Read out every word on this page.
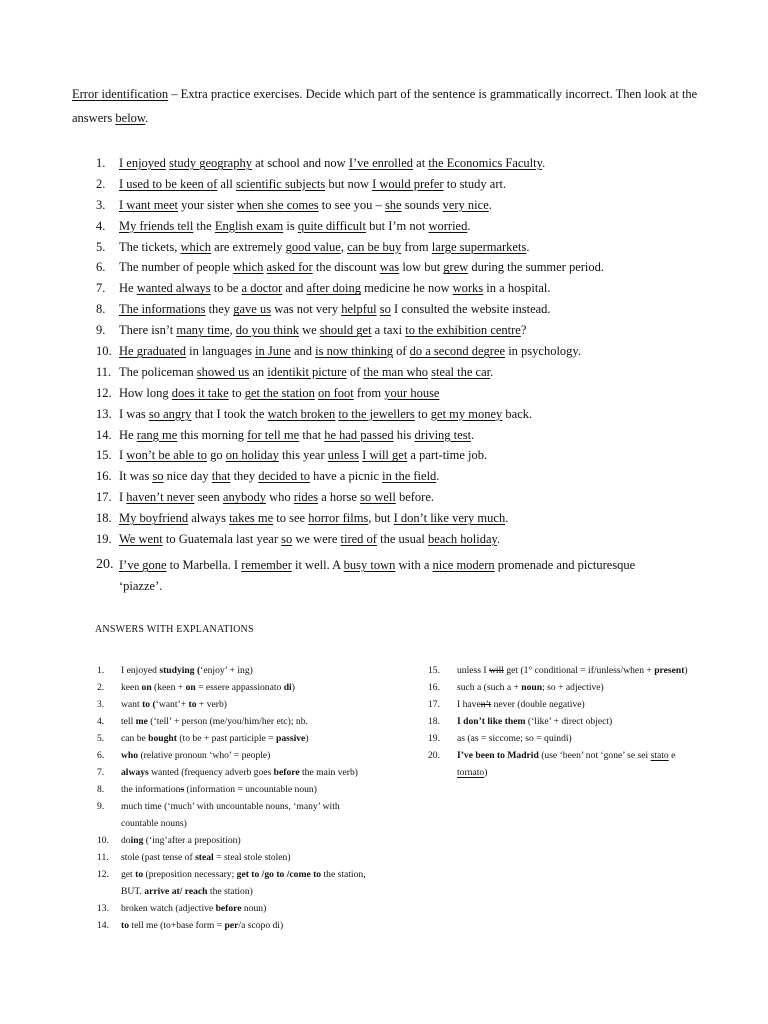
Error identification – Extra practice exercises. Decide which part of the sentence is grammatically incorrect. Then look at the answers below.
1.	I enjoyed study geography at school and now I’ve enrolled at the Economics Faculty.
2.	I used to be keen of all scientific subjects but now I would prefer to study art.
3.	I want meet your sister when she comes to see you – she sounds very nice.
4.	My friends tell the English exam is quite difficult but I’m not worried.
5.	The tickets, which are extremely good value, can be buy from large supermarkets.
6.	The number of people which asked for the discount was low but grew during the summer period.
7.	He wanted always to be a doctor and after doing medicine he now works in a hospital.
8.	The informations they gave us was not very helpful so I consulted the website instead.
9.	There isn’t many time, do you think we should get a taxi to the exhibition centre?
10. He graduated in languages in June and is now thinking of do a second degree in psychology.
11. The policeman showed us an identikit picture of the man who steal the car.
12. How long does it take to get the station on foot from your house
13. I was so angry that I took the watch broken to the jewellers to get my money back.
14. He rang me this morning for tell me that he had passed his driving test.
15. I won’t be able to go on holiday this year unless I will get a part-time job.
16. It was so nice day that they decided to have a picnic in the field.
17. I haven’t never seen anybody who rides a horse so well before.
18. My boyfriend always takes me to see horror films, but I don’t like very much.
19. We went to Guatemala last year so we were tired of the usual beach holiday.
20. I’ve gone to Marbella. I remember it well. A busy town with a nice modern promenade and picturesque ‘piazze’.
ANSWERS WITH EXPLANATIONS
1.	I enjoyed studying (‘enjoy’ + ing)
2.	keen on (keen + on = essere appassionato di)
3.	want to (‘want’+ to + verb)
4.	tell me (‘tell’ + person (me/you/him/her etc); nb.
5.	can be bought (to be + past participle = passive)
6.	who (relative pronoun ‘who’ = people)
7.	always wanted (frequency adverb goes before the main verb)
8.	the informations (information = uncountable noun)
9.	much time (‘much’ with uncountable nouns, ‘many’ with countable nouns)
10.	doing (‘ing’after a preposition)
11.	stole (past tense of steal = steal stole stolen)
12.	get to (preposition necessary; get to /go to /come to the station, BUT. arrive at/ reach the station)
13.	broken watch (adjective before noun)
14.	to tell me (to+base form = per/a scopo di)
15.	unless I will get (1° conditional = if/unless/when + present)
16.	such a (such a + noun; so + adjective)
17.	I haven’t never (double negative)
18.	I don’t like them (‘like’ + direct object)
19.	as (as = siccome; so = quindi)
20.	I’ve been to Madrid (use ‘been’ not ‘gone’ se sei stato e tornato)
